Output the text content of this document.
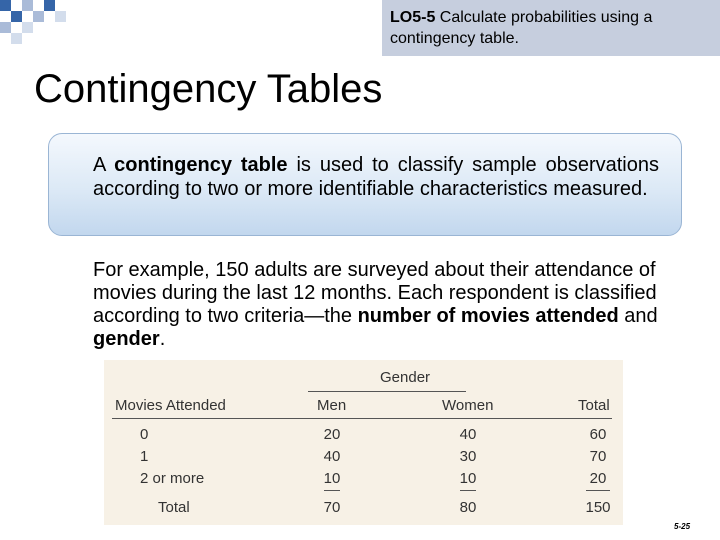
LO5-5 Calculate probabilities using a contingency table.
Contingency Tables

A contingency table is used to classify sample observations according to two or more identifiable characteristics measured.

For example, 150 adults are surveyed about their attendance of movies during the last 12 months. Each respondent is classified according to two criteria—the number of movies attended and gender.

Gender
Movies Attended	Men	Women	Total
0	20	40	60
1	40	30	70
2 or more	10	10	20
Total	70	80	150
5-25
